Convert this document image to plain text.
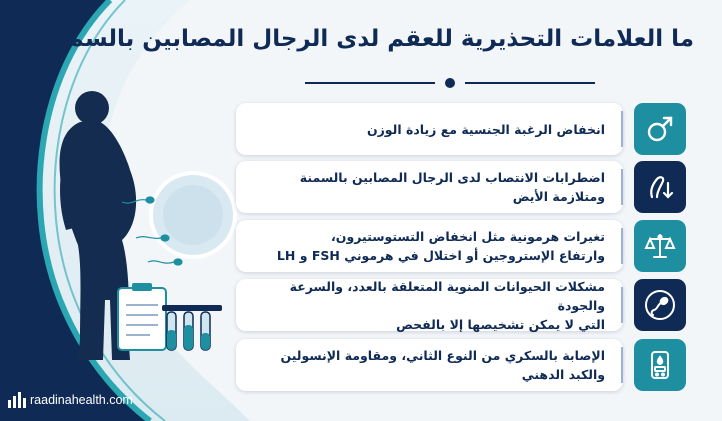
ما العلامات التحذيرية للعقم لدى الرجال المصابين بالسمنة ؟
انخفاض الرغبة الجنسية مع زيادة الوزن
اضطرابات الانتصاب لدى الرجال المصابين بالسمنة ومتلازمة الأيض
تغيرات هرمونية مثل انخفاض التستوستيرون،
وارتفاع الإستروجين أو اختلال في هرموني FSH و LH
مشكلات الحيوانات المنوية المتعلقة بالعدد، والسرعة والجودة
التي لا يمكن تشخيصها إلا بالفحص
الإصابة بالسكري من النوع الثاني، ومقاومة الإنسولين والكبد الدهني
raadinahealth.com
